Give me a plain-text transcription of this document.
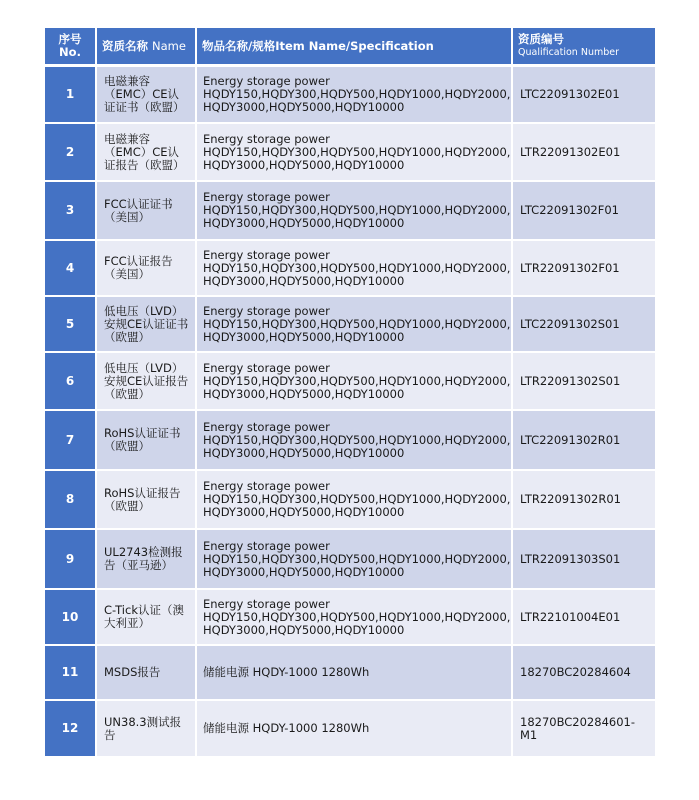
序号
No.	资质名称 Name	物品名称/规格Item Name/Specification	资质编号
Qualification Number

1	电磁兼容（EMC）CE认证证书（欧盟）	Energy storage power
HQDY150,HQDY300,HQDY500,HQDY1000,HQDY2000,
HQDY3000,HQDY5000,HQDY10000	LTC22091302E01
2	电磁兼容（EMC）CE认证报告（欧盟）	Energy storage power
HQDY150,HQDY300,HQDY500,HQDY1000,HQDY2000,
HQDY3000,HQDY5000,HQDY10000	LTR22091302E01
3	FCC认证证书（美国）	Energy storage power
HQDY150,HQDY300,HQDY500,HQDY1000,HQDY2000,
HQDY3000,HQDY5000,HQDY10000	LTC22091302F01
4	FCC认证报告（美国）	Energy storage power
HQDY150,HQDY300,HQDY500,HQDY1000,HQDY2000,
HQDY3000,HQDY5000,HQDY10000	LTR22091302F01
5	低电压（LVD）安规CE认证证书（欧盟）	Energy storage power
HQDY150,HQDY300,HQDY500,HQDY1000,HQDY2000,
HQDY3000,HQDY5000,HQDY10000	LTC22091302S01
6	低电压（LVD）安规CE认证报告（欧盟）	Energy storage power
HQDY150,HQDY300,HQDY500,HQDY1000,HQDY2000,
HQDY3000,HQDY5000,HQDY10000	LTR22091302S01
7	RoHS认证证书（欧盟）	Energy storage power
HQDY150,HQDY300,HQDY500,HQDY1000,HQDY2000,
HQDY3000,HQDY5000,HQDY10000	LTC22091302R01
8	RoHS认证报告（欧盟）	Energy storage power
HQDY150,HQDY300,HQDY500,HQDY1000,HQDY2000,
HQDY3000,HQDY5000,HQDY10000	LTR22091302R01
9	UL2743检测报告（亚马逊）	Energy storage power
HQDY150,HQDY300,HQDY500,HQDY1000,HQDY2000,
HQDY3000,HQDY5000,HQDY10000	LTR22091303S01
10	C-Tick认证（澳大利亚）	Energy storage power
HQDY150,HQDY300,HQDY500,HQDY1000,HQDY2000,
HQDY3000,HQDY5000,HQDY10000	LTR22101004E01
11	MSDS报告	储能电源 HQDY-1000 1280Wh	18270BC20284604
12	UN38.3测试报告	储能电源 HQDY-1000 1280Wh	18270BC20284601-M1
